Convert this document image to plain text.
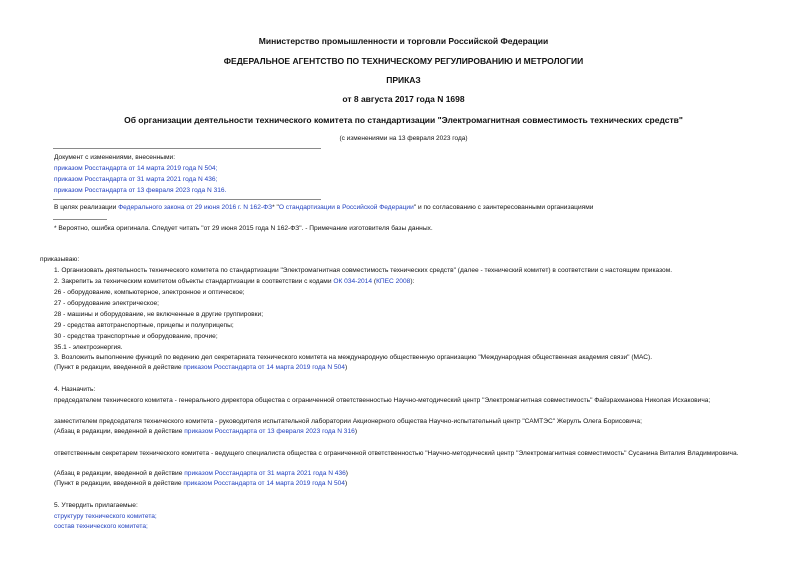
Министерство промышленности и торговли Российской Федерации
ФЕДЕРАЛЬНОЕ АГЕНТСТВО ПО ТЕХНИЧЕСКОМУ РЕГУЛИРОВАНИЮ И МЕТРОЛОГИИ
ПРИКАЗ
от 8 августа 2017 года N 1698
Об организации деятельности технического комитета по стандартизации "Электромагнитная совместимость технических средств"
(с изменениями на 13 февраля 2023 года)
Документ с изменениями, внесенными:
приказом Росстандарта от 14 марта 2019 года N 504;
приказом Росстандарта от 31 марта 2021 года N 436;
приказом Росстандарта от 13 февраля 2023 года N 316.
В целях реализации Федерального закона от 29 июня 2016 г. N 162-ФЗ* "О стандартизации в Российской Федерации" и по согласованию с заинтересованными организациями
* Вероятно, ошибка оригинала. Следует читать "от 29 июня 2015 года N 162-ФЗ". - Примечание изготовителя базы данных.
приказываю:
1. Организовать деятельность технического комитета по стандартизации "Электромагнитная совместимость технических средств" (далее - технический комитет) в соответствии с настоящим приказом.
2. Закрепить за техническим комитетом объекты стандартизации в соответствии с кодами ОК 034-2014 (КПЕС 2008):
26 - оборудование, компьютерное, электронное и оптическое;
27 - оборудование электрическое;
28 - машины и оборудование, не включенные в другие группировки;
29 - средства автотранспортные, прицепы и полуприцепы;
30 - средства транспортные и оборудование, прочие;
35.1 - электроэнергия.
3. Возложить выполнение функций по ведению дел секретариата технического комитета на международную общественную организацию "Международная общественная академия связи" (МАС).
(Пункт в редакции, введенной в действие приказом Росстандарта от 14 марта 2019 года N 504)
4. Назначить:
председателем технического комитета - генерального директора общества с ограниченной ответственностью Научно-методический центр "Электромагнитная совместимость" Файзрахманова Николая Исхаковича;
заместителем председателя технического комитета - руководителя испытательной лаборатории Акционерного общества Научно-испытательный центр "САМТЭС" Жерулъ Олега Борисовича;
(Абзац в редакции, введенной в действие приказом Росстандарта от 13 февраля 2023 года N 316)
ответственным секретарем технического комитета - ведущего специалиста общества с ограниченной ответственностью "Научно-методический центр "Электромагнитная совместимость" Сусанина Виталия Владимировича.
(Абзац в редакции, введенной в действие приказом Росстандарта от 31 марта 2021 года N 436)
(Пункт в редакции, введенной в действие приказом Росстандарта от 14 марта 2019 года N 504)
5. Утвердить прилагаемые:
структуру технического комитета;
состав технического комитета;
